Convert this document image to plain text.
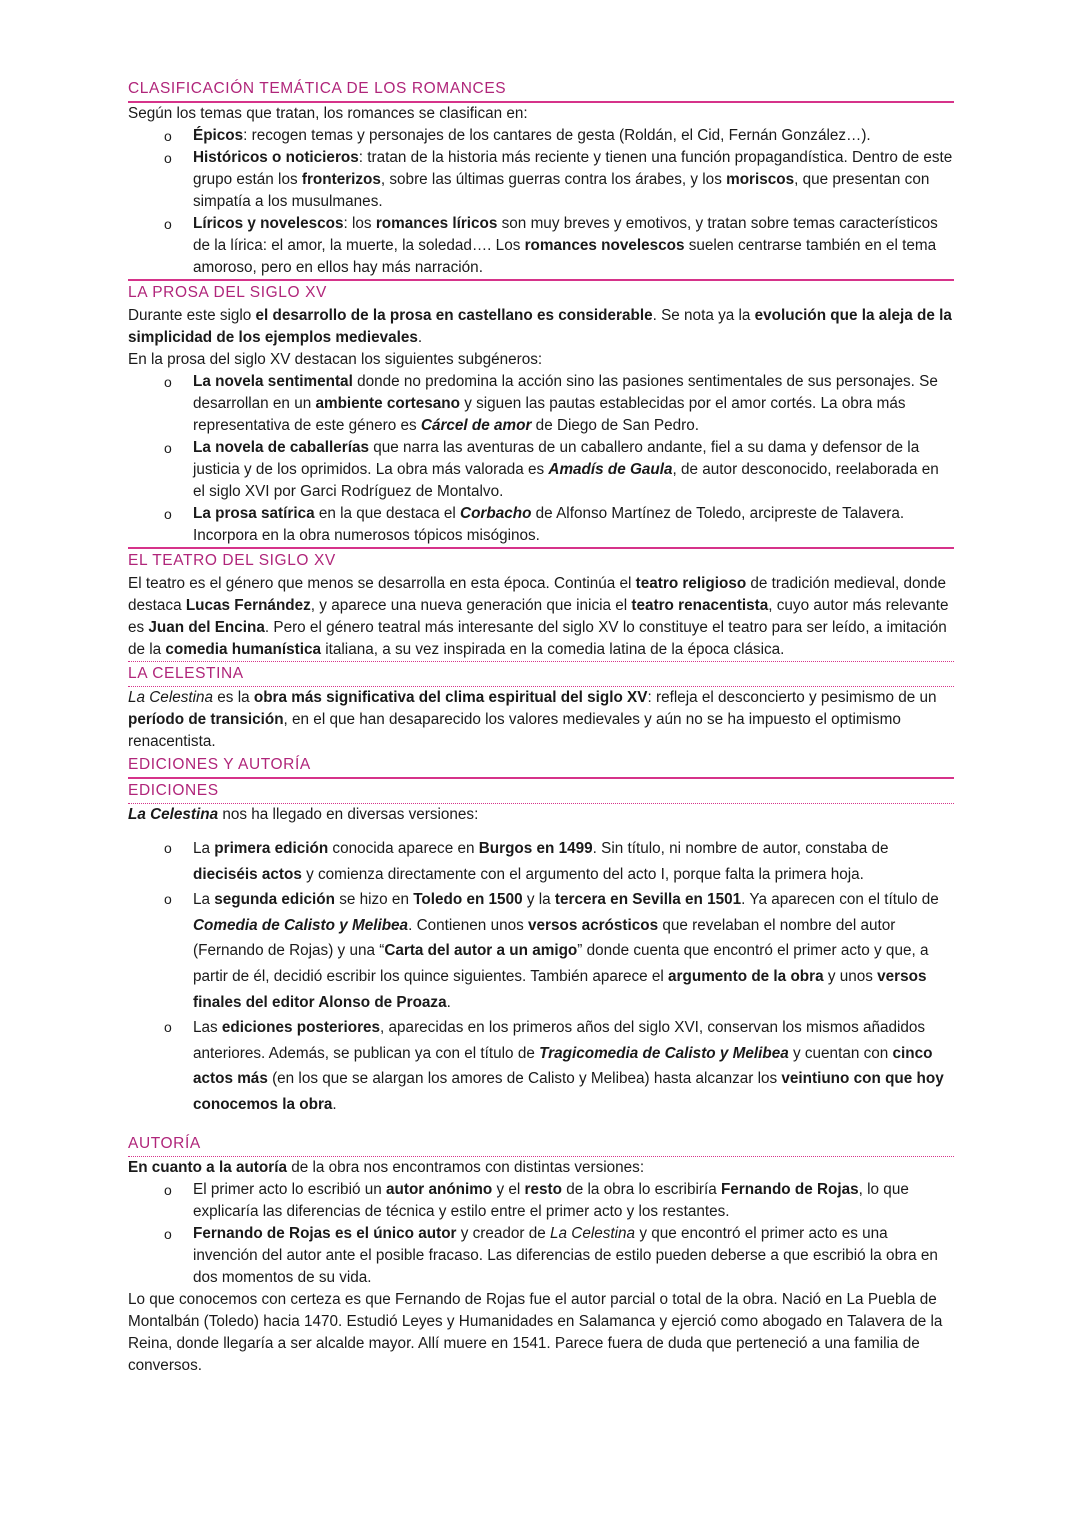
CLASIFICACIÓN TEMÁTICA DE LOS ROMANCES

Según los temas que tratan, los romances se clasifican en:

o Épicos: recogen temas y personajes de los cantares de gesta (Roldán, el Cid, Fernán González…).
o Históricos o noticieros: tratan de la historia más reciente y tienen una función propagandística. Dentro de este grupo están los fronterizos, sobre las últimas guerras contra los árabes, y los moriscos, que presentan con simpatía a los musulmanes.
o Líricos y novelescos: los romances líricos son muy breves y emotivos, y tratan sobre temas característicos de la lírica: el amor, la muerte, la soledad…. Los romances novelescos suelen centrarse también en el tema amoroso, pero en ellos hay más narración.
LA PROSA DEL SIGLO XV

Durante este siglo el desarrollo de la prosa en castellano es considerable. Se nota ya la evolución que la aleja de la simplicidad de los ejemplos medievales.

En la prosa del siglo XV destacan los siguientes subgéneros:

o La novela sentimental donde no predomina la acción sino las pasiones sentimentales de sus personajes. Se desarrollan en un ambiente cortesano y siguen las pautas establecidas por el amor cortés. La obra más representativa de este género es Cárcel de amor de Diego de San Pedro.
o La novela de caballerías que narra las aventuras de un caballero andante, fiel a su dama y defensor de la justicia y de los oprimidos. La obra más valorada es Amadís de Gaula, de autor desconocido, reelaborada en el siglo XVI por Garci Rodríguez de Montalvo.
o La prosa satírica en la que destaca el Corbacho de Alfonso Martínez de Toledo, arcipreste de Talavera. Incorpora en la obra numerosos tópicos misóginos.
EL TEATRO DEL SIGLO XV

El teatro es el género que menos se desarrolla en esta época. Continúa el teatro religioso de tradición medieval, donde destaca Lucas Fernández, y aparece una nueva generación que inicia el teatro renacentista, cuyo autor más relevante es Juan del Encina. Pero el género teatral más interesante del siglo XV lo constituye el teatro para ser leído, a imitación de la comedia humanística italiana, a su vez inspirada en la comedia latina de la época clásica.

LA CELESTINA

La Celestina es la obra más significativa del clima espiritual del siglo XV: refleja el desconcierto y pesimismo de un período de transición, en el que han desaparecido los valores medievales y aún no se ha impuesto el optimismo renacentista.

EDICIONES Y AUTORÍA
EDICIONES

La Celestina nos ha llegado en diversas versiones:

o La primera edición conocida aparece en Burgos en 1499. Sin título, ni nombre de autor, constaba de dieciséis actos y comienza directamente con el argumento del acto I, porque falta la primera hoja.
o La segunda edición se hizo en Toledo en 1500 y la tercera en Sevilla en 1501. Ya aparecen con el título de Comedia de Calisto y Melibea. Contienen unos versos acrósticos que revelaban el nombre del autor (Fernando de Rojas) y una “Carta del autor a un amigo” donde cuenta que encontró el primer acto y que, a partir de él, decidió escribir los quince siguientes. También aparece el argumento de la obra y unos versos finales del editor Alonso de Proaza.
o Las ediciones posteriores, aparecidas en los primeros años del siglo XVI, conservan los mismos añadidos anteriores. Además, se publican ya con el título de Tragicomedia de Calisto y Melibea y cuentan con cinco actos más (en los que se alargan los amores de Calisto y Melibea) hasta alcanzar los veintiuno con que hoy conocemos la obra.
AUTORÍA

En cuanto a la autoría de la obra nos encontramos con distintas versiones:

o El primer acto lo escribió un autor anónimo y el resto de la obra lo escribiría Fernando de Rojas, lo que explicaría las diferencias de técnica y estilo entre el primer acto y los restantes.
o Fernando de Rojas es el único autor y creador de La Celestina y que encontró el primer acto es una invención del autor ante el posible fracaso. Las diferencias de estilo pueden deberse a que escribió la obra en dos momentos de su vida.

Lo que conocemos con certeza es que Fernando de Rojas fue el autor parcial o total de la obra. Nació en La Puebla de Montalbán (Toledo) hacia 1470. Estudió Leyes y Humanidades en Salamanca y ejerció como abogado en Talavera de la Reina, donde llegaría a ser alcalde mayor. Allí muere en 1541. Parece fuera de duda que perteneció a una familia de conversos.
